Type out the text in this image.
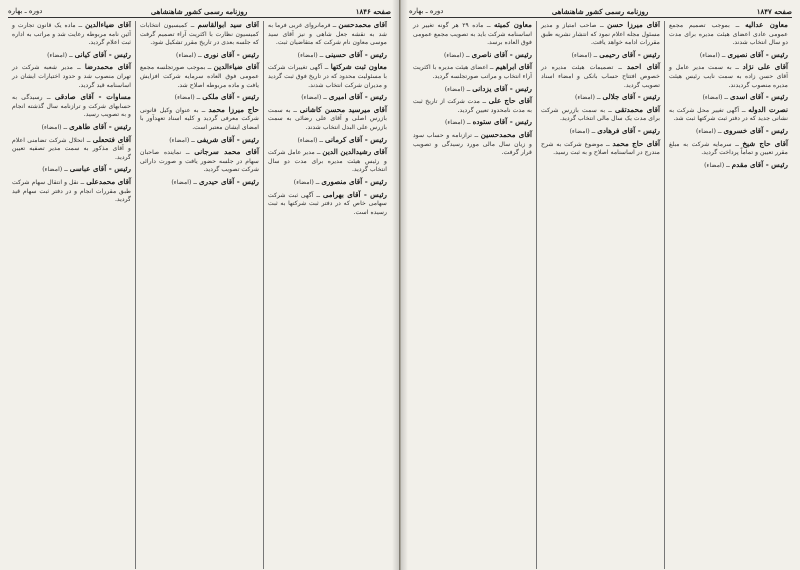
صفحه ۱۸۴۶
روزنامه رسمی کشور شاهنشاهی
دوره ـ بهاره
آقای محمدحسن ــ فرمانروای غربی فرما به شد به نقشه جعل شاهی و نیز آقای سید موسی معاون نام شرکت که متقاضیان ثبت.
رئیس - آقای حسینی ــ (امضاء)
معاون ثبت شرکتها ــ آگهی تغییرات شرکت با مسئولیت محدود که در تاریخ فوق ثبت گردید و مدیران شرکت انتخاب شدند.
رئیس - آقای امیری ــ (امضاء)
آقای میرسید محسن کاشانی ــ به سمت بازرس اصلی و آقای علی رضائی به سمت بازرس علی البدل انتخاب شدند.
رئیس - آقای کرمانی ــ (امضاء)
آقای رشیدالدین الدین ــ مدیر عامل شرکت و رئیس هیئت مدیره برای مدت دو سال انتخاب گردید.
رئیس - آقای منصوری ــ (امضاء)
رئیس - آقای بهرامی ــ آگهی ثبت شرکت سهامی خاص که در دفتر ثبت شرکتها به ثبت رسیده است.
آقای سید ابوالقاسم ــ کمیسیون انتخابات کمیسیون نظارت با اکثریت آراء تصمیم گرفت که جلسه بعدی در تاریخ مقرر تشکیل شود.
رئیس - آقای نوری ــ (امضاء)
آقای ضیاءالدین ــ بموجب صورتجلسه مجمع عمومی فوق العاده سرمایه شرکت افزایش یافت و ماده مربوطه اصلاح شد.
رئیس - آقای ملکی ــ (امضاء)
حاج میرزا محمد ــ به عنوان وکیل قانونی شرکت معرفی گردید و کلیه اسناد تعهدآور با امضای ایشان معتبر است.
رئیس - آقای شریفی ــ (امضاء)
آقای محمد سرجانی ــ نماینده صاحبان سهام در جلسه حضور یافت و صورت دارائی شرکت تصویب گردید.
رئیس - آقای حیدری ــ (امضاء)
آقای ضیاءالدین ــ ماده یک قانون تجارت و آئین نامه مربوطه رعایت شد و مراتب به اداره ثبت اعلام گردید.
رئیس - آقای کیانی ــ (امضاء)
آقای محمدرضا ــ مدیر شعبه شرکت در تهران منصوب شد و حدود اختیارات ایشان در اساسنامه قید گردید.
مساوات - آقای صادقی ــ رسیدگی به حسابهای شرکت و ترازنامه سال گذشته انجام و به تصویب رسید.
رئیس - آقای طاهری ــ (امضاء)
آقای فتحعلی ــ انحلال شرکت تضامنی اعلام و آقای مذکور به سمت مدیر تصفیه تعیین گردید.
رئیس - آقای عباسی ــ (امضاء)
آقای محمدعلی ــ نقل و انتقال سهام شرکت طبق مقررات انجام و در دفتر ثبت سهام قید گردید.
صفحه ۱۸۴۷
روزنامه رسمی کشور شاهنشاهی
دوره ـ بهاره
معاون عدالیه ــ بموجب تصمیم مجمع عمومی عادی اعضای هیئت مدیره برای مدت دو سال انتخاب شدند.
رئیس - آقای نصیری ــ (امضاء)
آقای علی نژاد ــ به سمت مدیر عامل و آقای حسن زاده به سمت نایب رئیس هیئت مدیره منصوب گردیدند.
رئیس - آقای اسدی ــ (امضاء)
نصرت الدوله ــ آگهی تغییر محل شرکت به نشانی جدید که در دفتر ثبت شرکتها ثبت شد.
رئیس - آقای خسروی ــ (امضاء)
آقای حاج شیخ ــ سرمایه شرکت به مبلغ مقرر تعیین و تماماً پرداخت گردید.
رئیس - آقای مقدم ــ (امضاء)
آقای میرزا حسن ــ صاحب امتیاز و مدیر مسئول مجله اعلام نمود که انتشار نشریه طبق مقررات ادامه خواهد یافت.
رئیس - آقای رحیمی ــ (امضاء)
آقای احمد ــ تصمیمات هیئت مدیره در خصوص افتتاح حساب بانکی و امضاء اسناد تصویب گردید.
رئیس - آقای جلالی ــ (امضاء)
آقای محمدتقی ــ به سمت بازرس شرکت برای مدت یک سال مالی انتخاب گردید.
رئیس - آقای فرهادی ــ (امضاء)
آقای حاج محمد ــ موضوع شرکت به شرح مندرج در اساسنامه اصلاح و به ثبت رسید.
معاون کمیته ــ ماده ۲۹ هر گونه تغییر در اساسنامه شرکت باید به تصویب مجمع عمومی فوق العاده برسد.
رئیس - آقای ناصری ــ (امضاء)
آقای ابراهیم ــ اعضای هیئت مدیره با اکثریت آراء انتخاب و مراتب صورتجلسه گردید.
رئیس - آقای یزدانی ــ (امضاء)
آقای حاج علی ــ مدت شرکت از تاریخ ثبت به مدت نامحدود تعیین گردید.
رئیس - آقای ستوده ــ (امضاء)
آقای محمدحسین ــ ترازنامه و حساب سود و زیان سال مالی مورد رسیدگی و تصویب قرار گرفت.
